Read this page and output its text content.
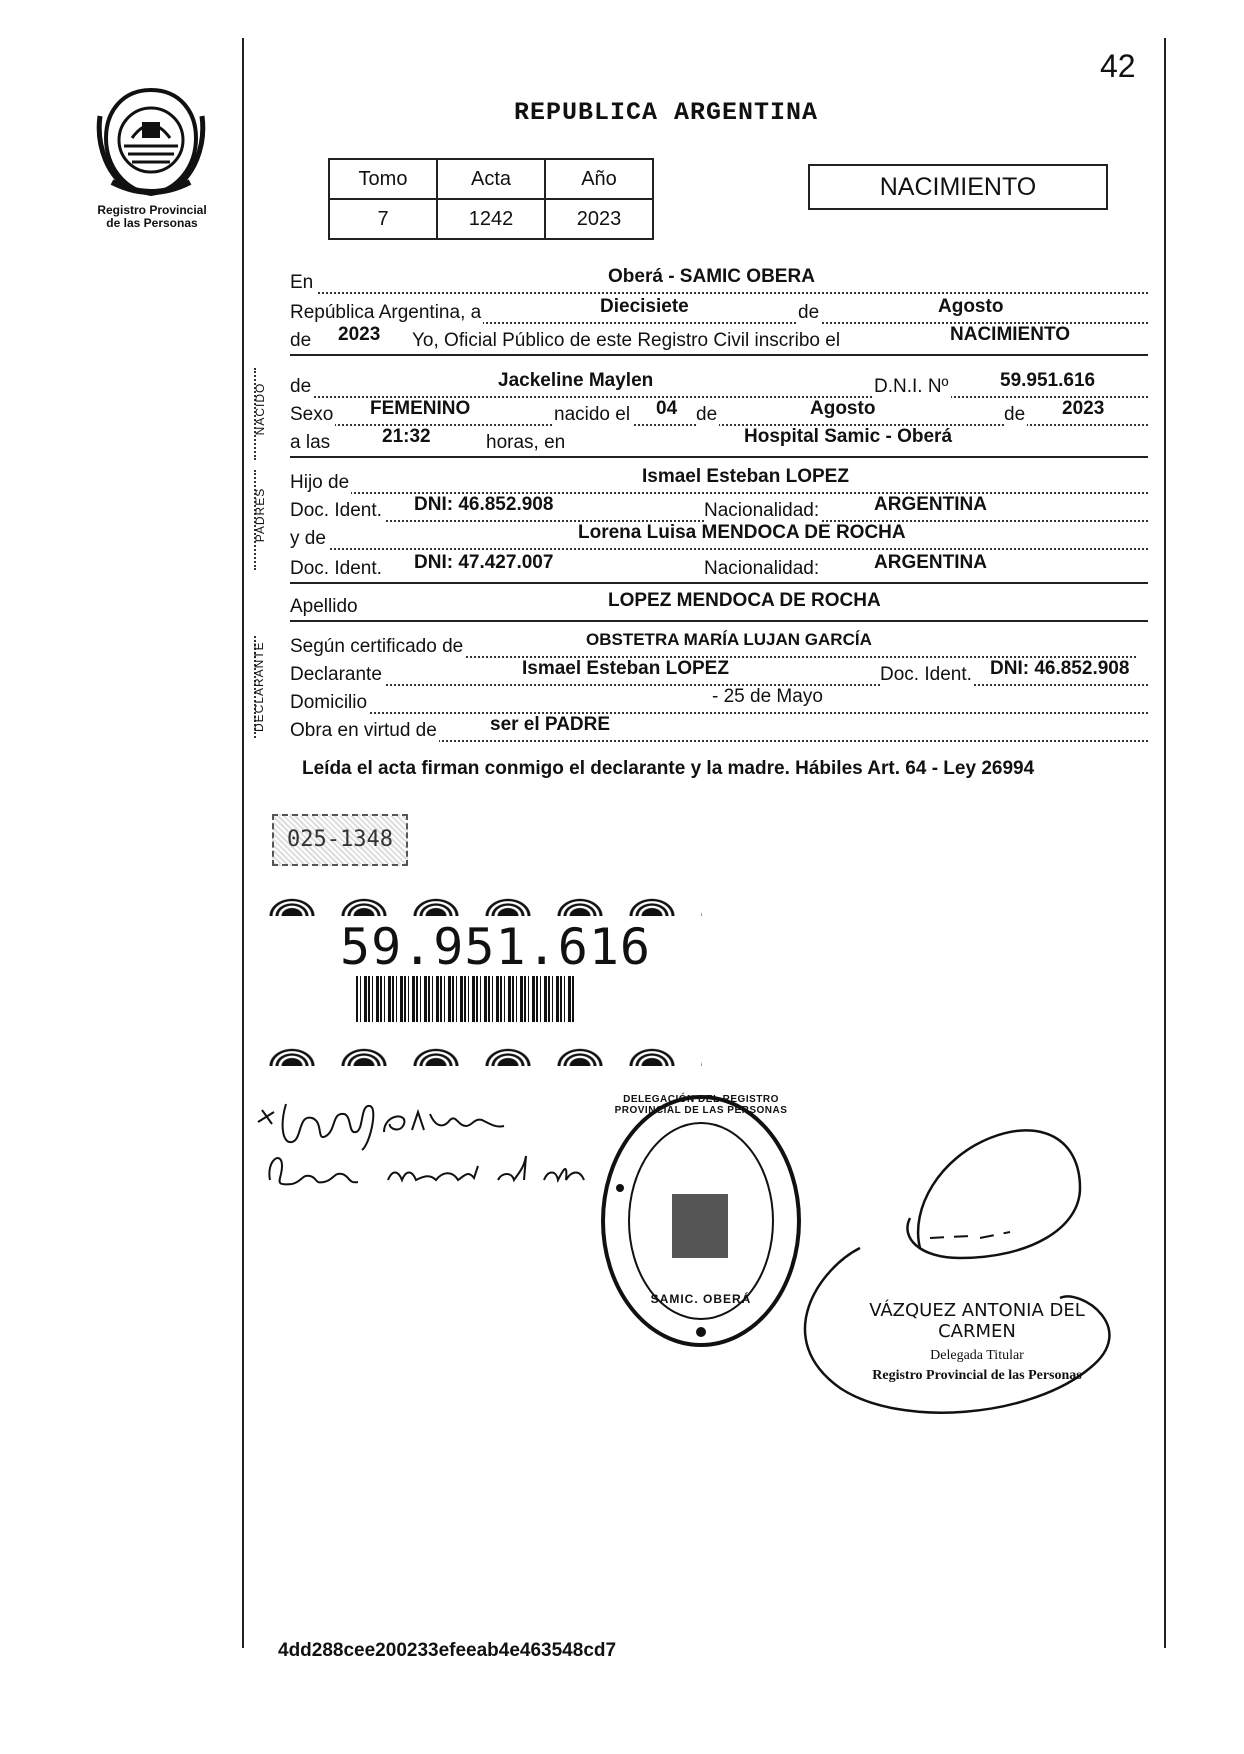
Registro Provincial
de las Personas
42
REPUBLICA ARGENTINA
Tomo	Acta	Año
7	1242	2023
NACIMIENTO
En	Oberá - SAMIC OBERA
República Argentina, a	Diecisiete	de	Agosto
de 2023 Yo, Oficial Público de este Registro Civil inscribo el	NACIMIENTO
NACIDO de	Jackeline Maylen	D.N.I. Nº	59.951.616
Sexo FEMENINO	nacido el 04 de	Agosto	de 2023
a las	21:32	horas, en	Hospital Samic - Oberá
PADRES
Hijo de	Ismael Esteban LOPEZ
Doc. Ident. DNI: 46.852.908	Nacionalidad:	ARGENTINA
y de	Lorena Luisa MENDOCA DE ROCHA
Doc. Ident. DNI: 47.427.007	Nacionalidad:	ARGENTINA
Apellido	LOPEZ MENDOCA DE ROCHA
DECLARANTE Según certificado de	OBSTETRA MARÍA LUJAN GARCÍA
Declarante	Ismael Esteban LOPEZ	Doc. Ident. DNI: 46.852.908
Domicilio	- 25 de Mayo
Obra en virtud de	ser el PADRE
Leída el acta firman conmigo el declarante y la madre. Hábiles Art. 64 - Ley 26994
025-1348
59.951.616
DELEGACIÓN DEL REGISTRO PROVINCIAL DE LAS PERSONAS
SAMIC. OBERÁ
VÁZQUEZ ANTONIA DEL CARMEN
Delegada Titular
Registro Provincial de las Personas
4dd288cee200233efeeab4e463548cd7
